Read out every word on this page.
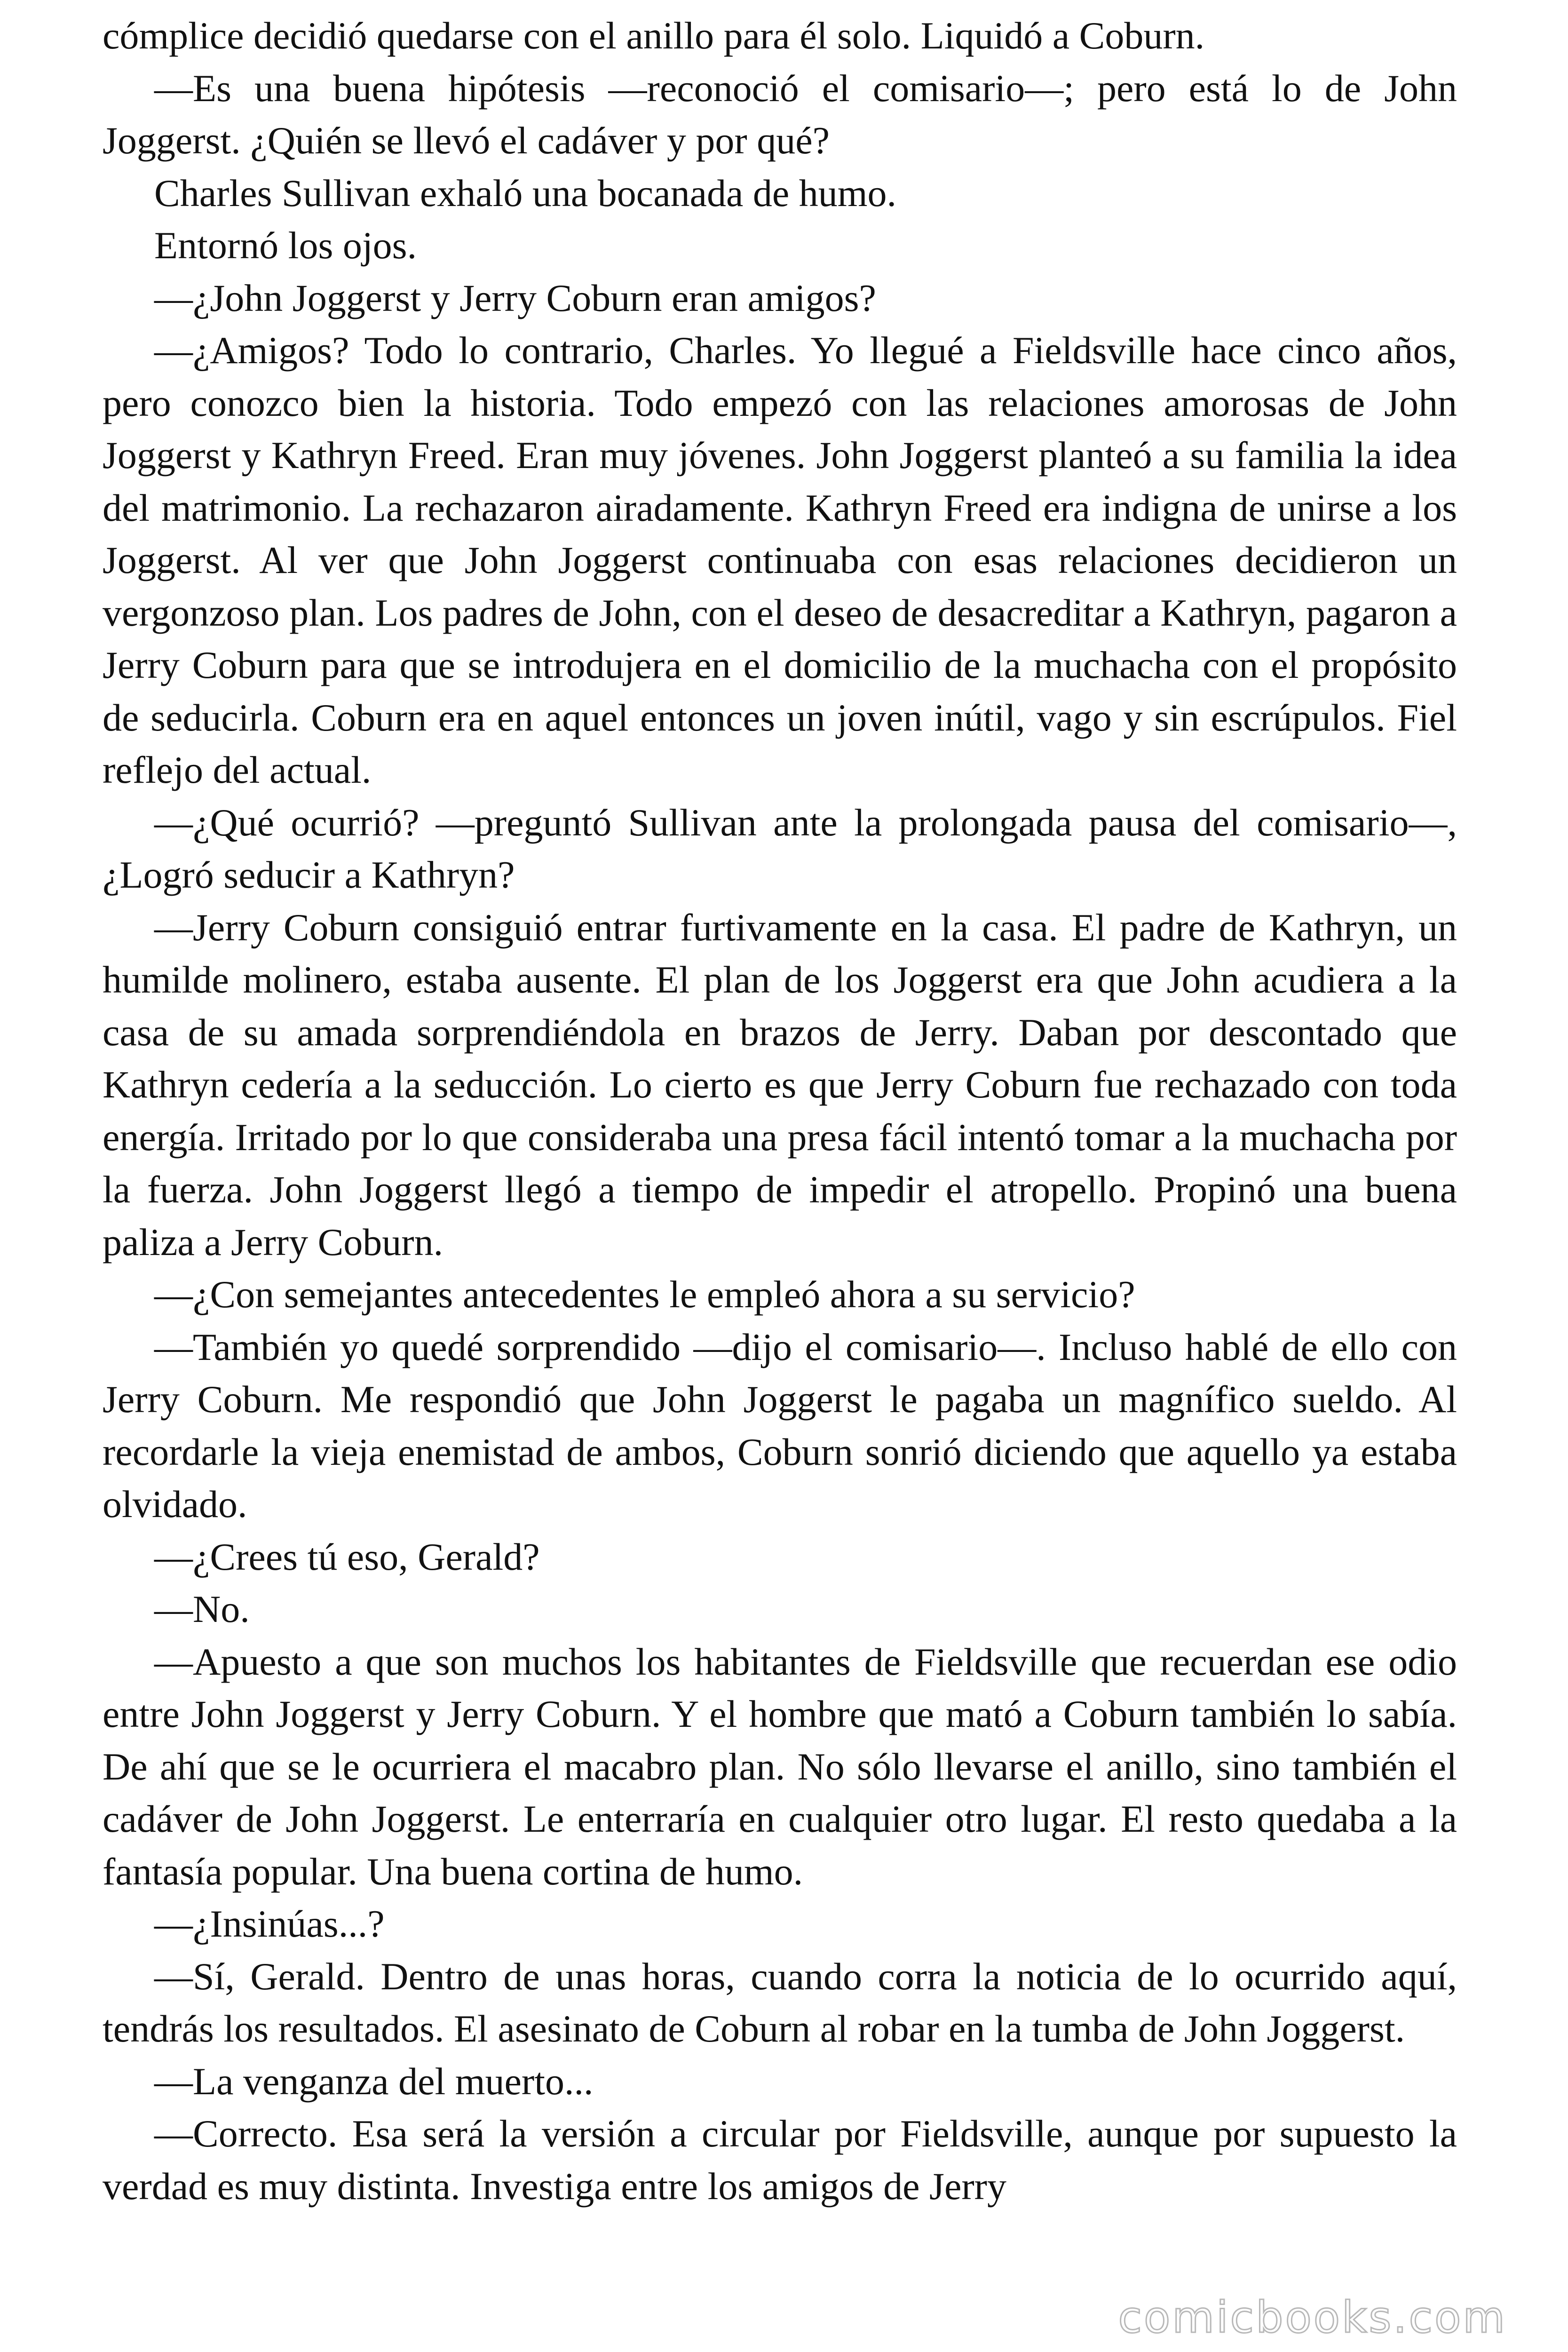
cómplice decidió quedarse con el anillo para él solo. Liquidó a Coburn.

—Es una buena hipótesis —reconoció el comisario—; pero está lo de John Joggerst. ¿Quién se llevó el cadáver y por qué?

Charles Sullivan exhaló una bocanada de humo.

Entornó los ojos.

—¿John Joggerst y Jerry Coburn eran amigos?

—¿Amigos? Todo lo contrario, Charles. Yo llegué a Fieldsville hace cinco años, pero conozco bien la historia. Todo empezó con las relaciones amorosas de John Joggerst y Kathryn Freed. Eran muy jóvenes. John Joggerst planteó a su familia la idea del matrimonio. La rechazaron airadamente. Kathryn Freed era indigna de unirse a los Joggerst. Al ver que John Joggerst continuaba con esas relaciones decidieron un vergonzoso plan. Los padres de John, con el deseo de desacreditar a Kathryn, pagaron a Jerry Coburn para que se introdujera en el domicilio de la muchacha con el propósito de seducirla. Coburn era en aquel entonces un joven inútil, vago y sin escrúpulos. Fiel reflejo del actual.

—¿Qué ocurrió? —preguntó Sullivan ante la prolongada pausa del comisario—, ¿Logró seducir a Kathryn?

—Jerry Coburn consiguió entrar furtivamente en la casa. El padre de Kathryn, un humilde molinero, estaba ausente. El plan de los Joggerst era que John acudiera a la casa de su amada sorprendiéndola en brazos de Jerry. Daban por descontado que Kathryn cedería a la seducción. Lo cierto es que Jerry Coburn fue rechazado con toda energía. Irritado por lo que consideraba una presa fácil intentó tomar a la muchacha por la fuerza. John Joggerst llegó a tiempo de impedir el atropello. Propinó una buena paliza a Jerry Coburn.

—¿Con semejantes antecedentes le empleó ahora a su servicio?

—También yo quedé sorprendido —dijo el comisario—. Incluso hablé de ello con Jerry Coburn. Me respondió que John Joggerst le pagaba un magnífico sueldo. Al recordarle la vieja enemistad de ambos, Coburn sonrió diciendo que aquello ya estaba olvidado.

—¿Crees tú eso, Gerald?

—No.

—Apuesto a que son muchos los habitantes de Fieldsville que recuerdan ese odio entre John Joggerst y Jerry Coburn. Y el hombre que mató a Coburn también lo sabía. De ahí que se le ocurriera el macabro plan. No sólo llevarse el anillo, sino también el cadáver de John Joggerst. Le enterraría en cualquier otro lugar. El resto quedaba a la fantasía popular. Una buena cortina de humo.

—¿Insinúas...?

—Sí, Gerald. Dentro de unas horas, cuando corra la noticia de lo ocurrido aquí, tendrás los resultados. El asesinato de Coburn al robar en la tumba de John Joggerst.

—La venganza del muerto...

—Correcto. Esa será la versión a circular por Fieldsville, aunque por supuesto la verdad es muy distinta. Investiga entre los amigos de Jerry

comicbooks.com
